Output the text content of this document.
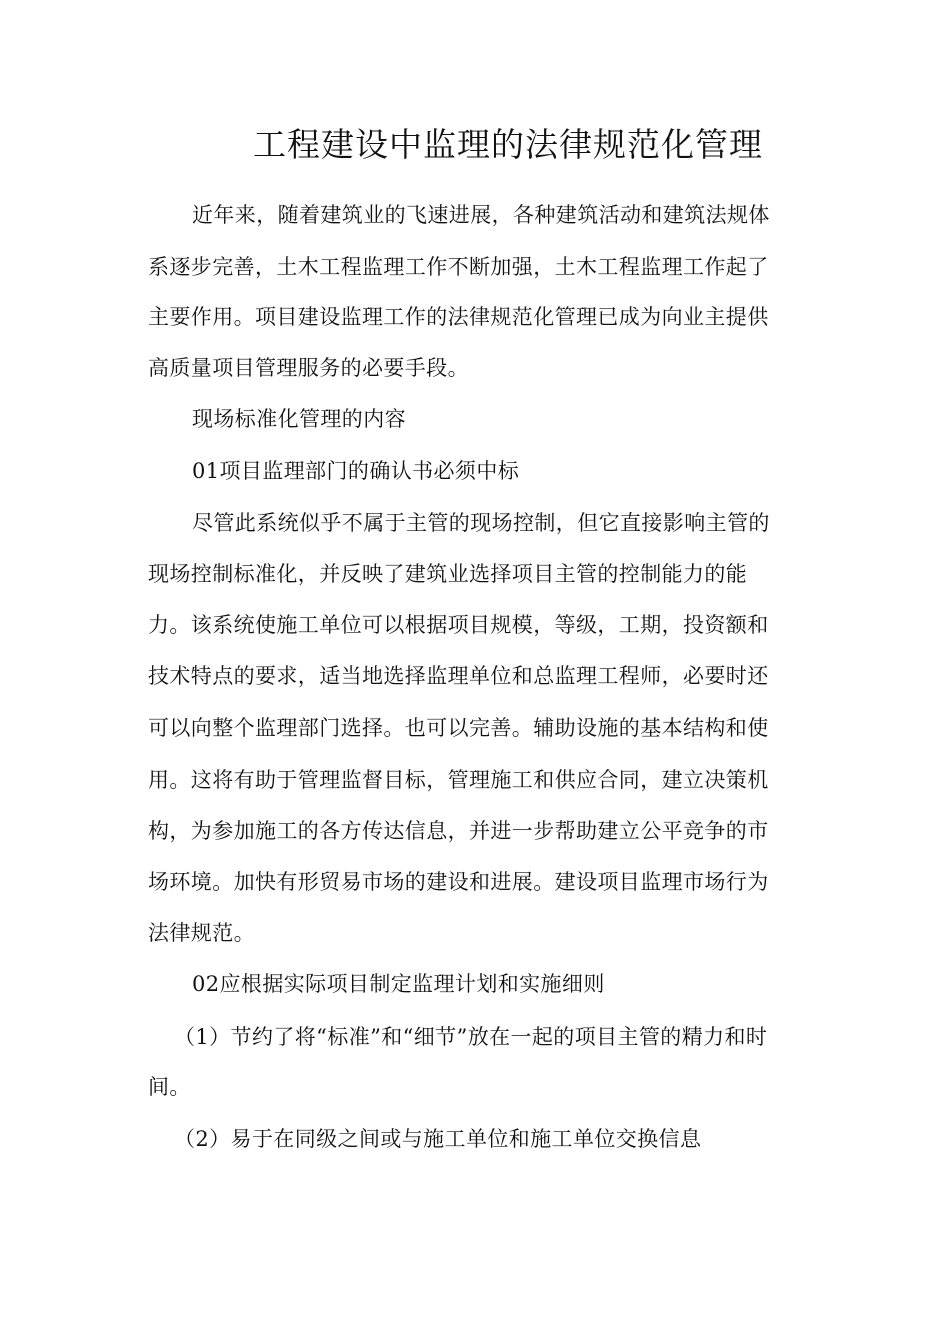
工程建设中监理的法律规范化管理
近年来，随着建筑业的飞速进展，各种建筑活动和建筑法规体
系逐步完善，土木工程监理工作不断加强，土木工程监理工作起了
主要作用。项目建设监理工作的法律规范化管理已成为向业主提供
高质量项目管理服务的必要手段。
现场标准化管理的内容
01项目监理部门的确认书必须中标
尽管此系统似乎不属于主管的现场控制，但它直接影响主管的
现场控制标准化，并反映了建筑业选择项目主管的控制能力的能
力。该系统使施工单位可以根据项目规模，等级，工期，投资额和
技术特点的要求，适当地选择监理单位和总监理工程师，必要时还
可以向整个监理部门选择。也可以完善。辅助设施的基本结构和使
用。这将有助于管理监督目标，管理施工和供应合同，建立决策机
构，为参加施工的各方传达信息，并进一步帮助建立公平竞争的市
场环境。加快有形贸易市场的建设和进展。建设项目监理市场行为
法律规范。
02应根据实际项目制定监理计划和实施细则
（1）节约了将“标准”和“细节”放在一起的项目主管的精力和时
间。
（2）易于在同级之间或与施工单位和施工单位交换信息
